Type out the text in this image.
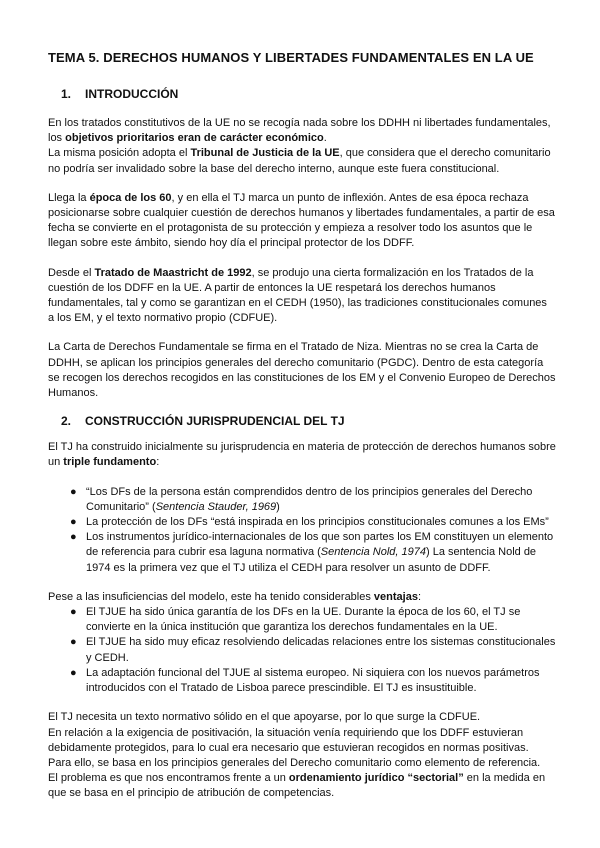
TEMA 5. DERECHOS HUMANOS Y LIBERTADES FUNDAMENTALES EN LA UE
1.	INTRODUCCIÓN

En los tratados constitutivos de la UE no se recogía nada sobre los DDHH ni libertades fundamentales, los objetivos prioritarios eran de carácter económico.

La misma posición adopta el Tribunal de Justicia de la UE, que considera que el derecho comunitario no podría ser invalidado sobre la base del derecho interno, aunque este fuera constitucional.

Llega la época de los 60, y en ella el TJ marca un punto de inflexión. Antes de esa época rechaza posicionarse sobre cualquier cuestión de derechos humanos y libertades fundamentales, a partir de esa fecha se convierte en el protagonista de su protección y empieza a resolver todo los asuntos que le llegan sobre este ámbito, siendo hoy día el principal protector de los DDFF.

Desde el Tratado de Maastricht de 1992, se produjo una cierta formalización en los Tratados de la cuestión de los DDFF en la UE. A partir de entonces la UE respetará los derechos humanos fundamentales, tal y como se garantizan en el CEDH (1950), las tradiciones constitucionales comunes a los EM, y el texto normativo propio (CDFUE).

La Carta de Derechos Fundamentale se firma en el Tratado de Niza. Mientras no se crea la Carta de DDHH, se aplican los principios generales del derecho comunitario (PGDC). Dentro de esta categoría se recogen los derechos recogidos en las constituciones de los EM y el Convenio Europeo de Derechos Humanos.

2.	CONSTRUCCIÓN JURISPRUDENCIAL DEL TJ

El TJ ha construido inicialmente su jurisprudencia en materia de protección de derechos humanos sobre un triple fundamento:

● “Los DFs de la persona están comprendidos dentro de los principios generales del Derecho Comunitario” (Sentencia Stauder, 1969)
● La protección de los DFs “está inspirada en los principios constitucionales comunes a los EMs”
● Los instrumentos jurídico-internacionales de los que son partes los EM constituyen un elemento de referencia para cubrir esa laguna normativa (Sentencia Nold, 1974) La sentencia Nold de 1974 es la primera vez que el TJ utiliza el CEDH para resolver un asunto de DDFF.

Pese a las insuficiencias del modelo, este ha tenido considerables ventajas:

● El TJUE ha sido única garantía de los DFs en la UE. Durante la época de los 60, el TJ se convierte en la única institución que garantiza los derechos fundamentales en la UE.
● El TJUE ha sido muy eficaz resolviendo delicadas relaciones entre los sistemas constitucionales y CEDH.
● La adaptación funcional del TJUE al sistema europeo. Ni siquiera con los nuevos parámetros introducidos con el Tratado de Lisboa parece prescindible. El TJ es insustituible.

El TJ necesita un texto normativo sólido en el que apoyarse, por lo que surge la CDFUE.
En relación a la exigencia de positivación, la situación venía requiriendo que los DDFF estuvieran debidamente protegidos, para lo cual era necesario que estuvieran recogidos en normas positivas.
Para ello, se basa en los principios generales del Derecho comunitario como elemento de referencia.
El problema es que nos encontramos frente a un ordenamiento jurídico “sectorial” en la medida en que se basa en el principio de atribución de competencias.
